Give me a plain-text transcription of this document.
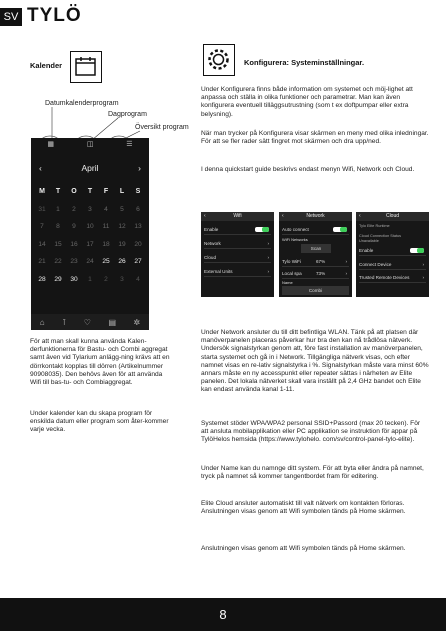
SV TYLÖ
Kalender
Datumkalenderprogram
Dagprogram
Översikt program
▦	◫	☰
‹	April	›
M	T	O	T	F	L	S
31	1	2	3	4	5	6
7	8	9	10	11	12	13
14	15	16	17	18	19	20
21	22	23	24	25	26	27
28	29	30	1	2	3	4
⌂ ⊺ ♡ ▤ ✲
För att man skall kunna använda Kalen-derfunktionerna för Bastu- och Combi aggregat samt även vid Tylarium anlägg-ning krävs att en dörrkontakt kopplas till dörren (Artikelnummer 90908035). Den behövs även för att använda Wifi till bas-tu- och Combiaggregat.
Under kalender kan du skapa program för enskilda datum eller program som åter-kommer varje vecka.
Konfigurera: Systeminställningar.
Under Konfigurera finns både information om systemet och möj-lighet att anpassa och ställa in olika funktioner och parametrar. Man kan även konfigurera eventuell tilläggsutrustning (som t ex doftpumpar eller extra belysning).
När man trycker på Konfigurera visar skärmen en meny med olika inledningar. För att se fler rader sätt fingret mot skärmen och dra upp/ned.
I denna quickstart guide beskrivs endast menyn Wifi, Network och Cloud.
‹	Wifi
Enable
Network	›
Cloud	›
External Units	›
‹	Network
Auto connect
WiFi Networks
Scan
Tylo WiFi	67%	›
Local spa	73%	›
Name
Combi
‹	Cloud
Tylo Elite Runtime
Cloud Connection Status
Unavailable
Enable
Connect Device	›
Trusted Remote Devices	›
Under Network ansluter du till ditt befintliga WLAN. Tänk på att platsen där manöverpanelen placeras påverkar hur bra den kan nå trådlösa nätverk. Undersök signalstyrkan genom att, före fast installation av manöverpanelen, starta systemet och gå in i Network. Tillgängliga nätverk visas, och efter namnet visas en re-lativ signalstyrka i %. Signalstyrkan måste vara minst 60% annars måste en ny accesspunkt eller repeater sättas i närheten av Elite panelen. Det lokala nätverket skall vara inställt på 2,4 GHz bandet och Elite kan endast använda kanal 1-11.
Systemet stöder WPA/WPA2 personal SSID+Passord (max 20 tecken). För att ansluta mobilapplikation eller PC applikation se instruktion för appar på TylöHelos hemsida (https://www.tylohelo. com/sv/control-panel-tylo-elite).
Under Name kan du namnge ditt system. För att byta eller ändra på namnet, tryck på namnet så kommer tangentbordet fram för editering.
Elite Cloud ansluter automatiskt till valt nätverk om kontakten förloras. Anslutningen visas genom att Wifi symbolen tänds på Home skärmen.
Anslutningen visas genom att Wifi symbolen tänds på Home skärmen.
8
